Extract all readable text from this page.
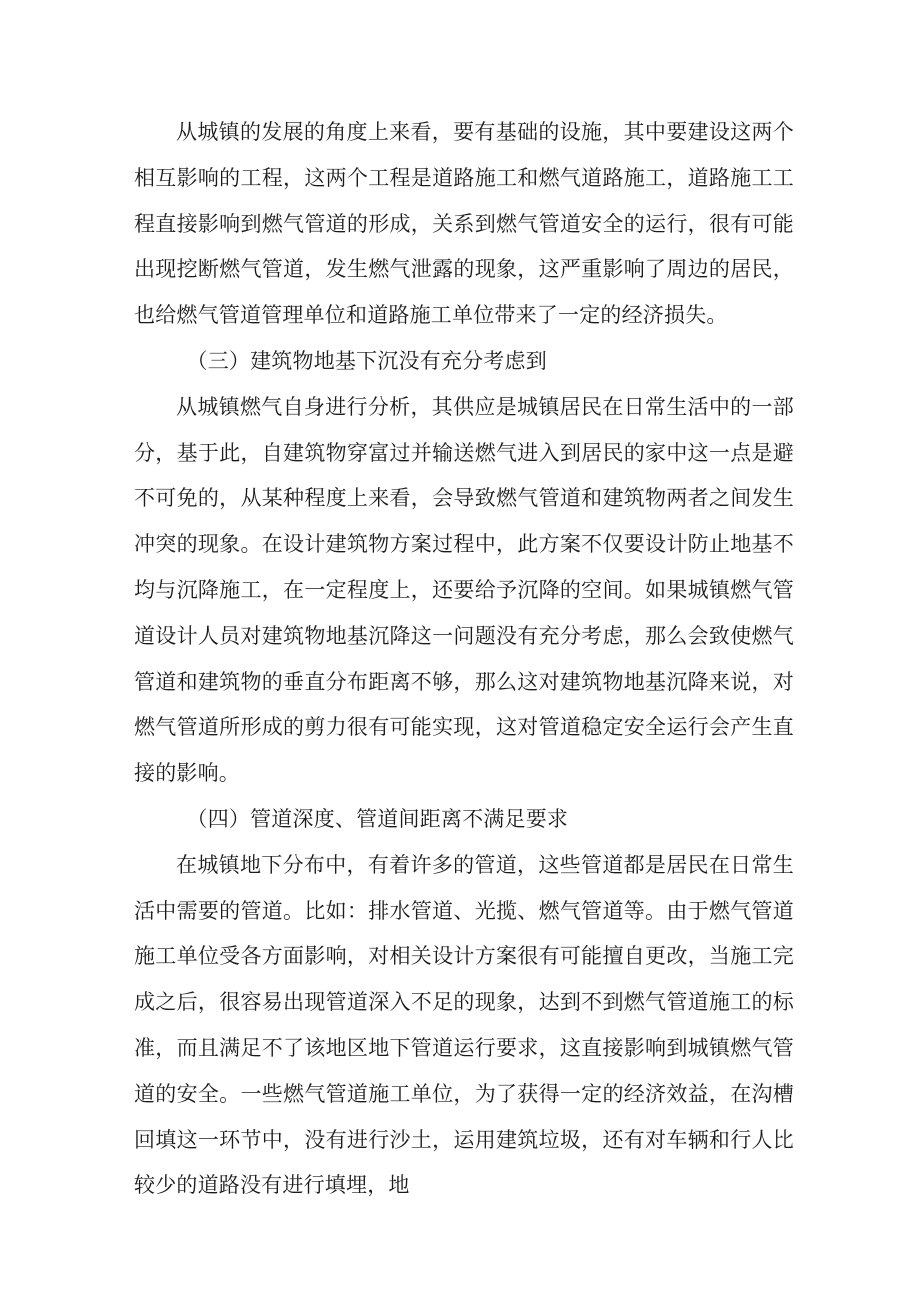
从城镇的发展的角度上来看，要有基础的设施，其中要建设这两个相互影响的工程，这两个工程是道路施工和燃气道路施工，道路施工工程直接影响到燃气管道的形成，关系到燃气管道安全的运行，很有可能出现挖断燃气管道，发生燃气泄露的现象，这严重影响了周边的居民，也给燃气管道管理单位和道路施工单位带来了一定的经济损失。

（三）建筑物地基下沉没有充分考虑到

从城镇燃气自身进行分析，其供应是城镇居民在日常生活中的一部分，基于此，自建筑物穿富过并输送燃气进入到居民的家中这一点是避不可免的，从某种程度上来看，会导致燃气管道和建筑物两者之间发生冲突的现象。在设计建筑物方案过程中，此方案不仅要设计防止地基不均与沉降施工，在一定程度上，还要给予沉降的空间。如果城镇燃气管道设计人员对建筑物地基沉降这一问题没有充分考虑，那么会致使燃气管道和建筑物的垂直分布距离不够，那么这对建筑物地基沉降来说，对燃气管道所形成的剪力很有可能实现，这对管道稳定安全运行会产生直接的影响。

（四）管道深度、管道间距离不满足要求

在城镇地下分布中，有着许多的管道，这些管道都是居民在日常生活中需要的管道。比如：排水管道、光揽、燃气管道等。由于燃气管道施工单位受各方面影响，对相关设计方案很有可能擅自更改，当施工完成之后，很容易出现管道深入不足的现象，达到不到燃气管道施工的标准，而且满足不了该地区地下管道运行要求，这直接影响到城镇燃气管道的安全。一些燃气管道施工单位，为了获得一定的经济效益，在沟槽回填这一环节中，没有进行沙土，运用建筑垃圾，还有对车辆和行人比较少的道路没有进行填埋，地
